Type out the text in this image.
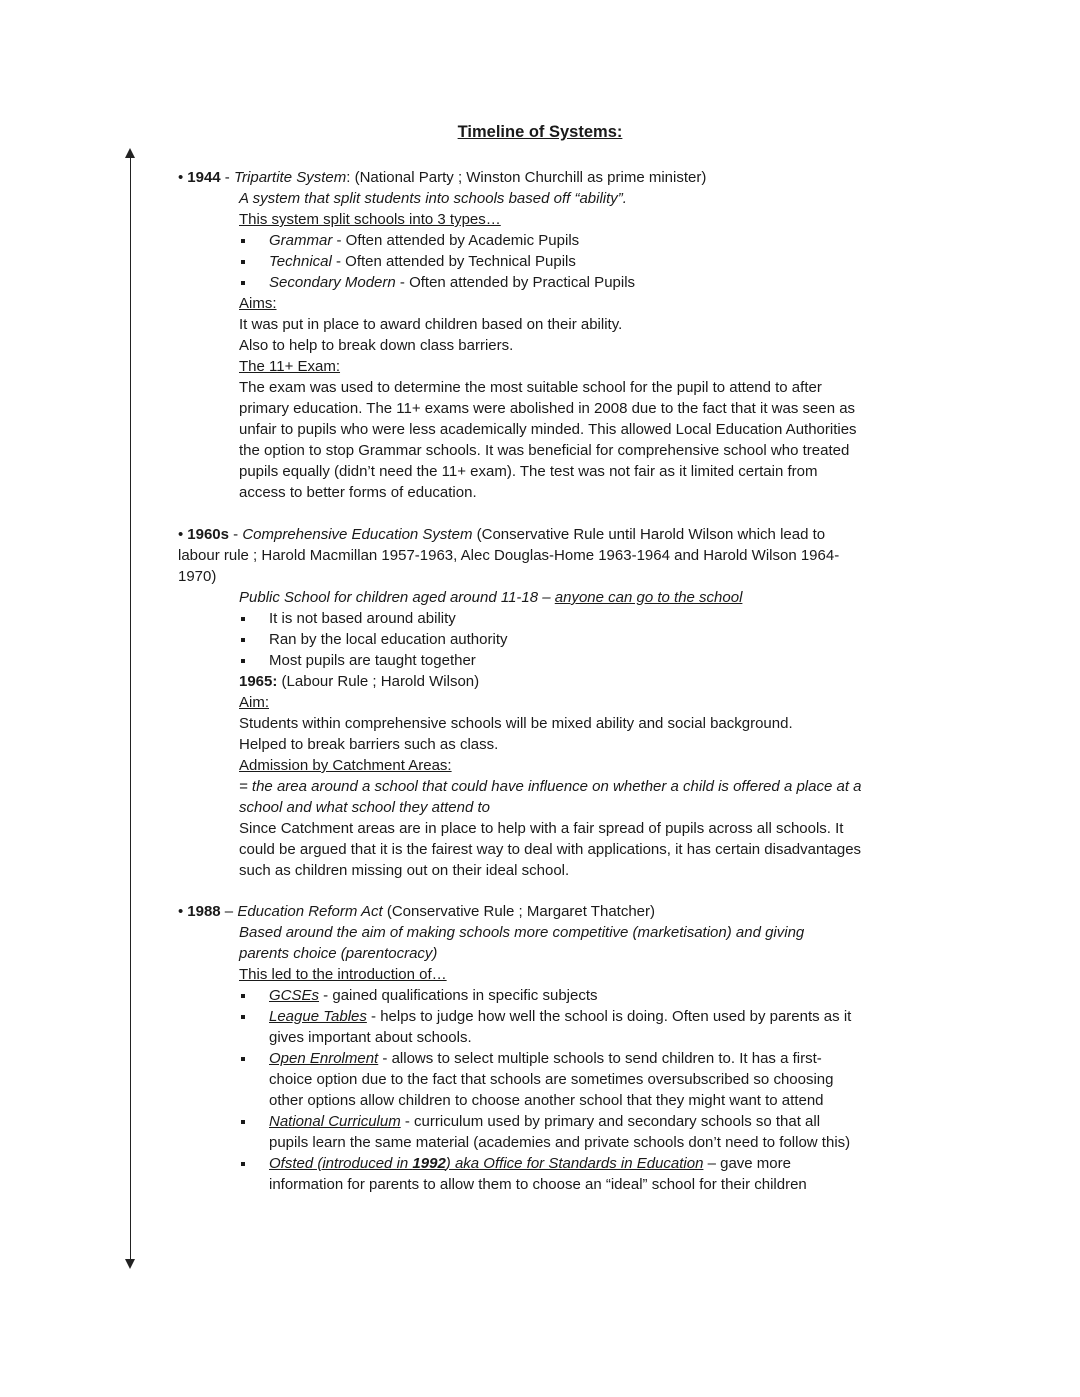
Timeline of Systems:

• 1944 - Tripartite System: (National Party ; Winston Churchill as prime minister)

A system that split students into schools based off “ability”.

This system split schools into 3 types…

Grammar - Often attended by Academic Pupils
Technical - Often attended by Technical Pupils
Secondary Modern - Often attended by Practical Pupils

Aims:

It was put in place to award children based on their ability.

Also to help to break down class barriers.

The 11+ Exam:

The exam was used to determine the most suitable school for the pupil to attend to after primary education. The 11+ exams were abolished in 2008 due to the fact that it was seen as unfair to pupils who were less academically minded. This allowed Local Education Authorities the option to stop Grammar schools. It was beneficial for comprehensive school who treated pupils equally (didn’t need the 11+ exam). The test was not fair as it limited certain from access to better forms of education.

• 1960s - Comprehensive Education System (Conservative Rule until Harold Wilson which lead to labour rule ; Harold Macmillan 1957-1963, Alec Douglas-Home 1963-1964 and Harold Wilson 1964-1970)

Public School for children aged around 11-18 – anyone can go to the school

It is not based around ability
Ran by the local education authority
Most pupils are taught together

1965: (Labour Rule ; Harold Wilson)

Aim:

Students within comprehensive schools will be mixed ability and social background.

Helped to break barriers such as class.

Admission by Catchment Areas:

= the area around a school that could have influence on whether a child is offered a place at a school and what school they attend to

Since Catchment areas are in place to help with a fair spread of pupils across all schools. It could be argued that it is the fairest way to deal with applications, it has certain disadvantages such as children missing out on their ideal school.

• 1988 – Education Reform Act (Conservative Rule ; Margaret Thatcher)

Based around the aim of making schools more competitive (marketisation) and giving parents choice (parentocracy)

This led to the introduction of…

GCSEs - gained qualifications in specific subjects
League Tables - helps to judge how well the school is doing. Often used by parents as it gives important about schools.
Open Enrolment - allows to select multiple schools to send children to. It has a first-choice option due to the fact that schools are sometimes oversubscribed so choosing other options allow children to choose another school that they might want to attend
National Curriculum - curriculum used by primary and secondary schools so that all pupils learn the same material (academies and private schools don’t need to follow this)
Ofsted (introduced in 1992) aka Office for Standards in Education – gave more information for parents to allow them to choose an “ideal” school for their children
